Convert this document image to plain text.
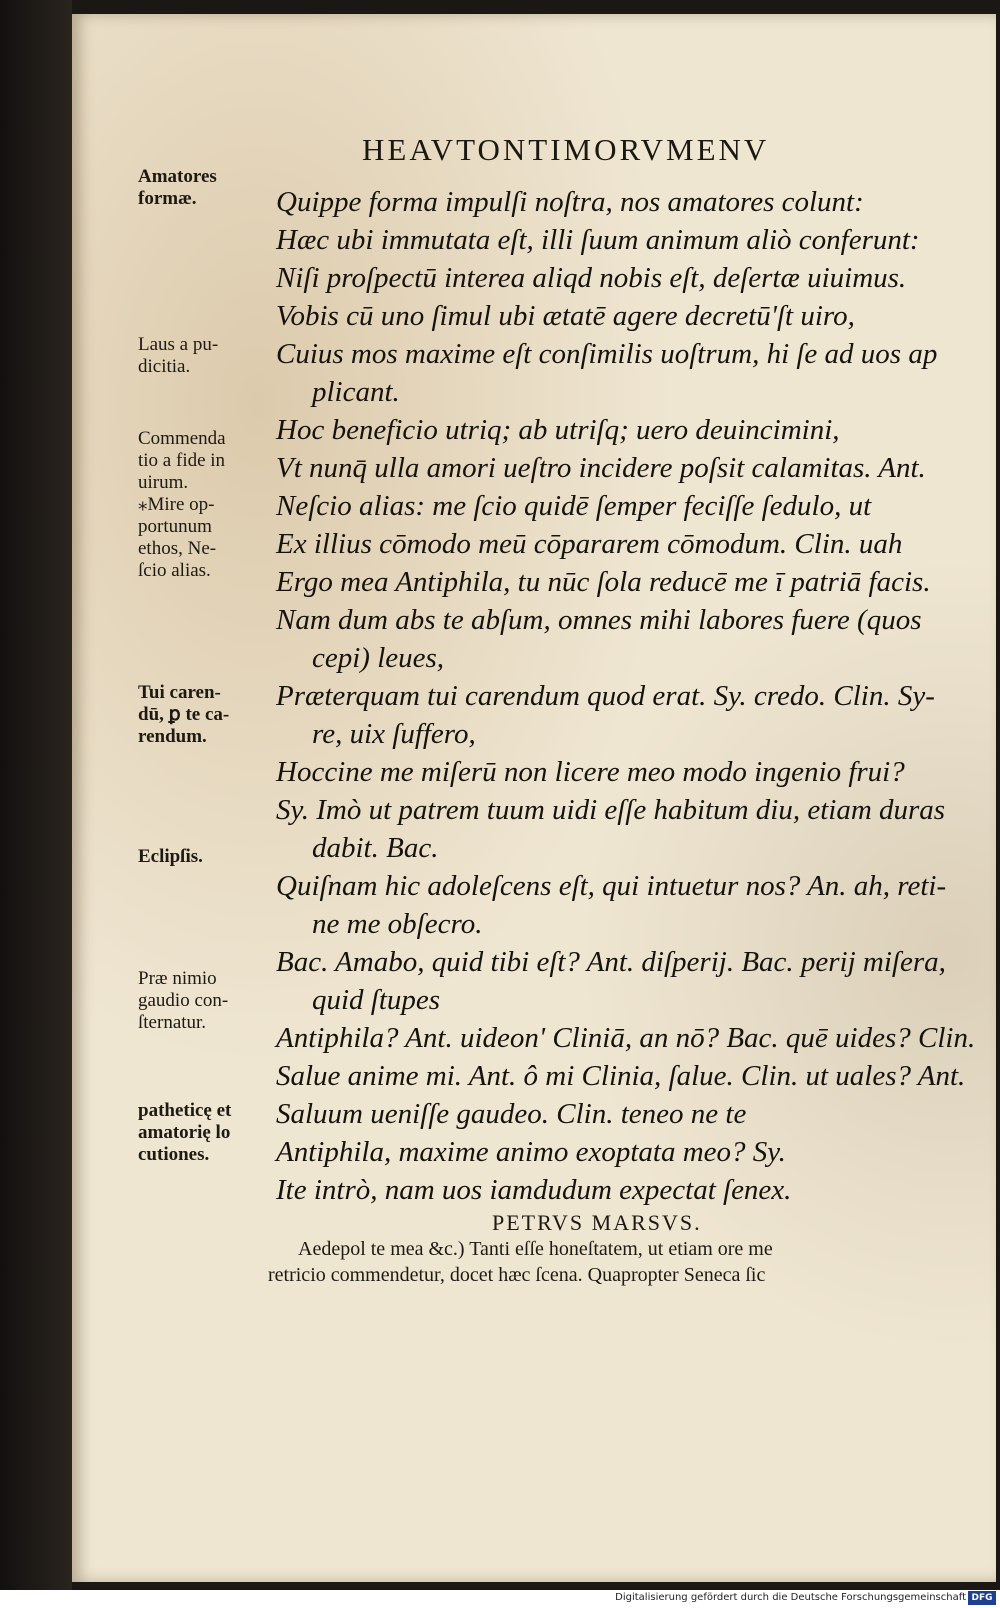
HEAVTONTIMORVMENV
Amatores
formæ.
Laus a pu-
dicitia.
Commenda
tio a fide in
uirum.
⁎Mire op-
portunum
ethos, Ne-
ſcio alias.
Tui caren-
dū, ꝑ te ca-
rendum.
Eclipſis.
Præ nimio
gaudio con-
ſternatur.
patheticę et
amatorię lo
cutiones.
Quippe forma impulſi noſtra, nos amatores colunt:
Hæc ubi immutata eſt, illi ſuum animum aliò conferunt:
Niſi proſpectū interea aliqd nobis eſt, deſertæ uiuimus.
Vobis cū uno ſimul ubi ætatē agere decretū'ſt uiro,
Cuius mos maxime eſt conſimilis uoſtrum, hi ſe ad uos ap
plicant.
Hoc beneficio utriq; ab utriſq; uero deuincimini,
Vt nunq̄ ulla amori ueſtro incidere poſsit calamitas. Ant.
Neſcio alias: me ſcio quidē ſemper feciſſe ſedulo, ut
Ex illius cōmodo meū cōpararem cōmodum. Clin. uah
Ergo mea Antiphila, tu nūc ſola reducē me ī patriā facis.
Nam dum abs te abſum, omnes mihi labores fuere (quos
cepi) leues,
Præterquam tui carendum quod erat. Sy. credo. Clin. Sy-
re, uix ſuffero,
Hoccine me miſerū non licere meo modo ingenio frui?
Sy. Imò ut patrem tuum uidi eſſe habitum diu, etiam duras
dabit. Bac.
Quiſnam hic adoleſcens eſt, qui intuetur nos? An. ah, reti-
ne me obſecro.
Bac. Amabo, quid tibi eſt? Ant. diſperij. Bac. perij miſera,
quid ſtupes
Antiphila? Ant. uideon' Cliniā, an nō? Bac. quē uides? Clin.
Salue anime mi. Ant. ô mi Clinia, ſalue. Clin. ut uales? Ant.
Saluum ueniſſe gaudeo. Clin. teneo ne te
Antiphila, maxime animo exoptata meo? Sy.
Ite intrò, nam uos iamdudum expectat ſenex.
PETRVS MARSVS.
Aedepol te mea &c.) Tanti eſſe honeſtatem, ut etiam ore me
retricio commendetur, docet hæc ſcena. Quapropter Seneca ſic
Digitalisierung gefördert durch die Deutsche Forschungsgemeinschaft DFG
